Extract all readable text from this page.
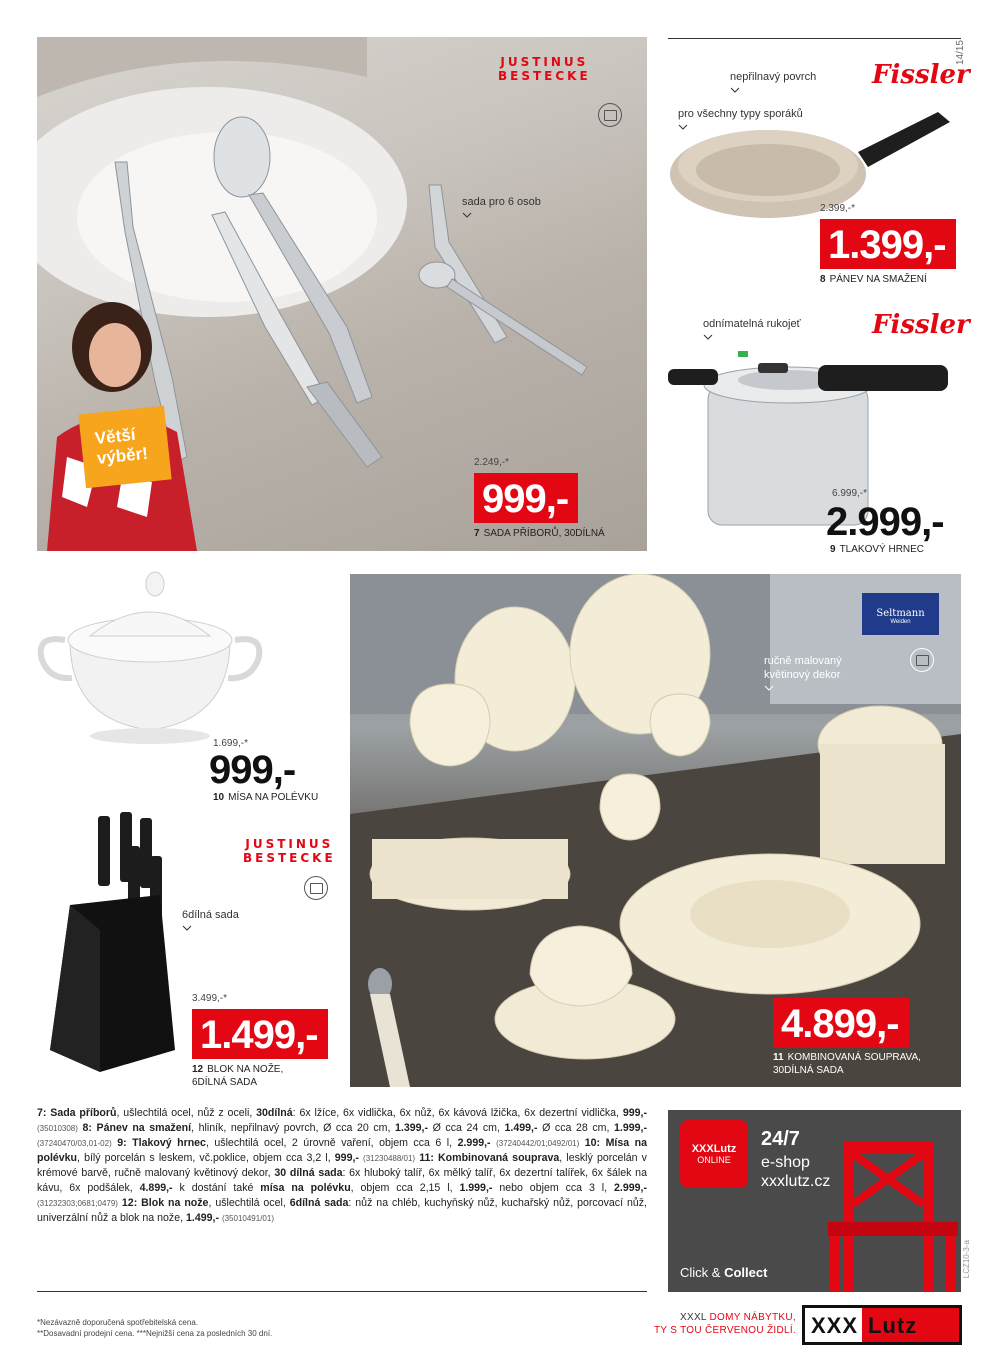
14/15
LCZ10-3-a
JUSTINUS
BESTECKE
Větší výběr!
sada pro 6 osob
2.249,-*
999,-
7 SADA PŘÍBORŮ, 30DÍLNÁ
Fissler
nepřilnavý povrch
pro všechny typy sporáků
2.399,-*
1.399,-
8 PÁNEV NA SMAŽENÍ
Fissler
odnímatelná rukojeť
6.999,-*
2.999,-
9 TLAKOVÝ HRNEC
1.699,-*
999,-
10 MÍSA NA POLÉVKU
JUSTINUS
BESTECKE
6dílná sada
3.499,-*
1.499,-
12 BLOK NA NOŽE,
6DÍLNÁ SADA
Seltmann
Weiden
ručně malovaný
květinový dekor
4.899,-
11 KOMBINOVANÁ SOUPRAVA,
30DÍLNÁ SADA
7: Sada příborů, ušlechtilá ocel, nůž z oceli, 30dílná: 6x lžíce, 6x vidlička, 6x nůž, 6x kávová lžička, 6x dezertní vidlička, 999,- (35010308) 8: Pánev na smažení, hliník, nepřilnavý povrch, Ø cca 20 cm, 1.399,- Ø cca 24 cm, 1.499,- Ø cca 28 cm, 1.999,- (37240470/03,01-02) 9: Tlakový hrnec, ušlechtilá ocel, 2 úrovně vaření, objem cca 6 l, 2.999,- (37240442/01;0492/01) 10: Mísa na polévku, bílý porcelán s leskem, vč.poklice, objem cca 3,2 l, 999,- (31230488/01) 11: Kombinovaná souprava, lesklý porcelán v krémové barvě, ručně malovaný květinový dekor, 30 dílná sada: 6x hluboký talíř, 6x mělký talíř, 6x dezertní talířek, 6x šálek na kávu, 6x podšálek, 4.899,- k dostání také mísa na polévku, objem cca 2,15 l, 1.999,- nebo objem cca 3 l, 2.999,- (31232303;0681;0479) 12: Blok na nože, ušlechtilá ocel, 6dílná sada: nůž na chléb, kuchyňský nůž, kuchařský nůž, porcovací nůž, univerzální nůž a blok na nože, 1.499,- (35010491/01)
XXXLutz
ONLINE
24/7
e-shop
xxxlutz.cz
Click & Collect
*Nezávazně doporučená spotřebitelská cena.
**Dosavadní prodejní cena. ***Nejnižší cena za posledních 30 dní.
XXXL DOMY NÁBYTKU,
TY S TOU ČERVENOU ŽIDLÍ. XXX Lutz
